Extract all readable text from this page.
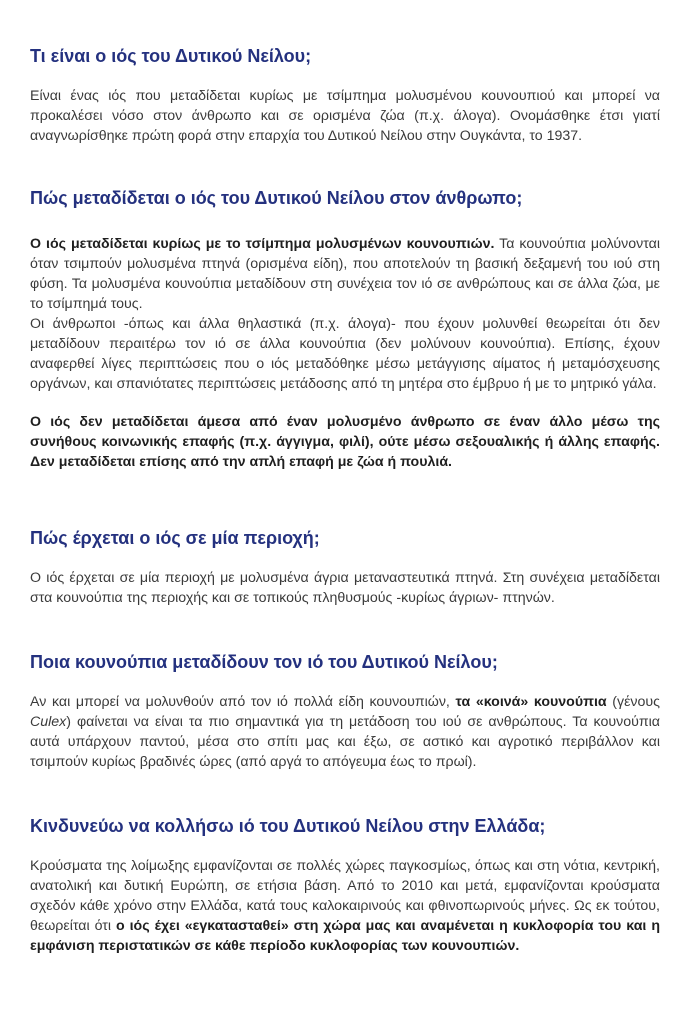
Τι είναι ο ιός του Δυτικού Νείλου;

Είναι ένας ιός που μεταδίδεται κυρίως με τσίμπημα μολυσμένου κουνουπιού και μπορεί να προκαλέσει νόσο στον άνθρωπο και σε ορισμένα ζώα (π.χ. άλογα). Ονομάσθηκε έτσι γιατί αναγνωρίσθηκε πρώτη φορά στην επαρχία του Δυτικού Νείλου στην Ουγκάντα, το 1937.

Πώς μεταδίδεται ο ιός του Δυτικού Νείλου στον άνθρωπο;

Ο ιός μεταδίδεται κυρίως με το τσίμπημα μολυσμένων κουνουπιών. Τα κουνούπια μολύνονται όταν τσιμπούν μολυσμένα πτηνά (ορισμένα είδη), που αποτελούν τη βασική δεξαμενή του ιού στη φύση. Τα μολυσμένα κουνούπια μεταδίδουν στη συνέχεια τον ιό σε ανθρώπους και σε άλλα ζώα, με το τσίμπημά τους.

Οι άνθρωποι -όπως και άλλα θηλαστικά (π.χ. άλογα)- που έχουν μολυνθεί θεωρείται ότι δεν μεταδίδουν περαιτέρω τον ιό σε άλλα κουνούπια (δεν μολύνουν κουνούπια). Επίσης, έχουν αναφερθεί λίγες περιπτώσεις που ο ιός μεταδόθηκε μέσω μετάγγισης αίματος ή μεταμόσχευσης οργάνων, και σπανιότατες περιπτώσεις μετάδοσης από τη μητέρα στο έμβρυο ή με το μητρικό γάλα.

Ο ιός δεν μεταδίδεται άμεσα από έναν μολυσμένο άνθρωπο σε έναν άλλο μέσω της συνήθους κοινωνικής επαφής (π.χ. άγγιγμα, φιλί), ούτε μέσω σεξουαλικής ή άλλης επαφής. Δεν μεταδίδεται επίσης από την απλή επαφή με ζώα ή πουλιά.

Πώς έρχεται ο ιός σε μία περιοχή;

Ο ιός έρχεται σε μία περιοχή με μολυσμένα άγρια μεταναστευτικά πτηνά. Στη συνέχεια μεταδίδεται στα κουνούπια της περιοχής και σε τοπικούς πληθυσμούς -κυρίως άγριων- πτηνών.

Ποια κουνούπια μεταδίδουν τον ιό του Δυτικού Νείλου;

Αν και μπορεί να μολυνθούν από τον ιό πολλά είδη κουνουπιών, τα «κοινά» κουνούπια (γένους Culex) φαίνεται να είναι τα πιο σημαντικά για τη μετάδοση του ιού σε ανθρώπους. Τα κουνούπια αυτά υπάρχουν παντού, μέσα στο σπίτι μας και έξω, σε αστικό και αγροτικό περιβάλλον και τσιμπούν κυρίως βραδινές ώρες (από αργά το απόγευμα έως το πρωί).

Κινδυνεύω να κολλήσω ιό του Δυτικού Νείλου στην Ελλάδα;

Κρούσματα της λοίμωξης εμφανίζονται σε πολλές χώρες παγκοσμίως, όπως και στη νότια, κεντρική, ανατολική και δυτική Ευρώπη, σε ετήσια βάση. Από το 2010 και μετά, εμφανίζονται κρούσματα σχεδόν κάθε χρόνο στην Ελλάδα, κατά τους καλοκαιρινούς και φθινοπωρινούς μήνες. Ως εκ τούτου, θεωρείται ότι ο ιός έχει «εγκατασταθεί» στη χώρα μας και αναμένεται η κυκλοφορία του και η εμφάνιση περιστατικών σε κάθε περίοδο κυκλοφορίας των κουνουπιών.
